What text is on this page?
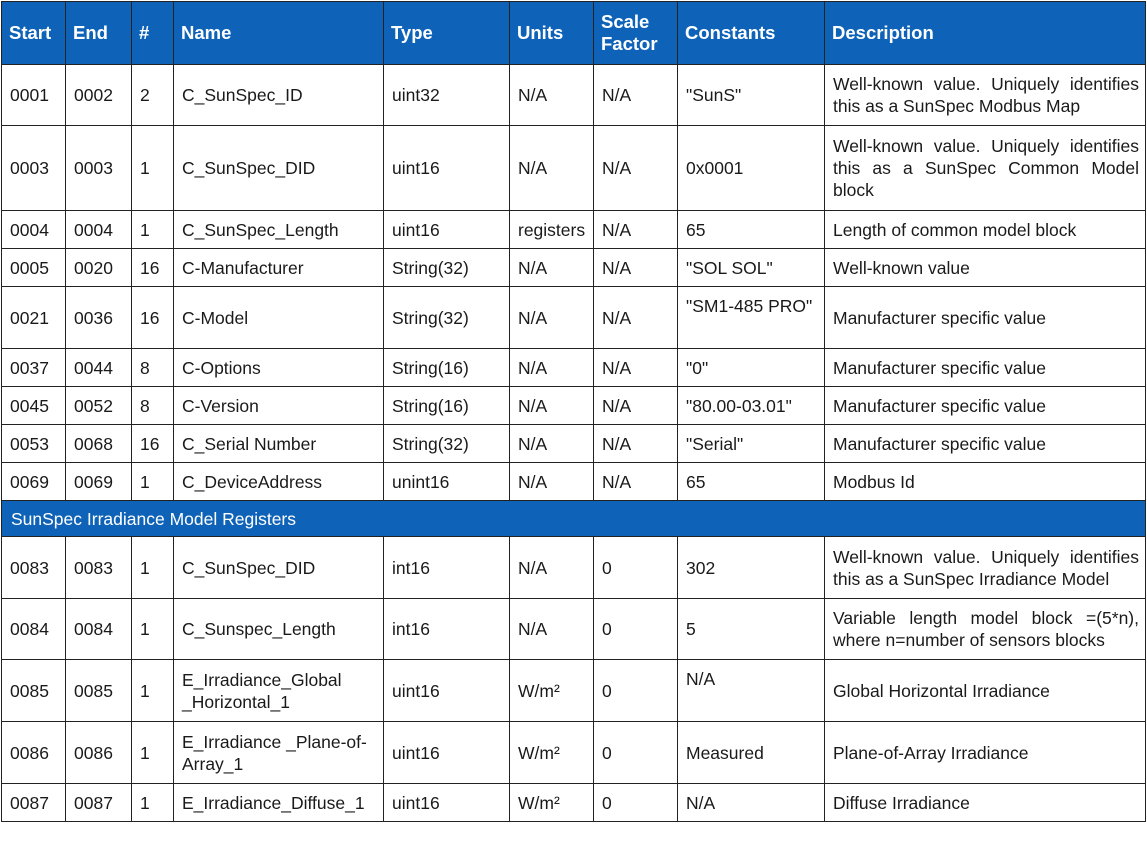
Start	End	#	Name	Type	Units	Scale Factor	Constants	Description
0001	0002	2	C_SunSpec_ID	uint32	N/A	N/A	"SunS"	Well-known value. Uniquely identifies this as a SunSpec Modbus Map
0003	0003	1	C_SunSpec_DID	uint16	N/A	N/A	0x0001	Well-known value. Uniquely identifies this as a SunSpec Common Model block
0004	0004	1	C_SunSpec_Length	uint16	registers	N/A	65	Length of common model block
0005	0020	16	C-Manufacturer	String(32)	N/A	N/A	"SOL SOL"	Well-known value
0021	0036	16	C-Model	String(32)	N/A	N/A	"SM1-485 PRO"	Manufacturer specific value
0037	0044	8	C-Options	String(16)	N/A	N/A	"0"	Manufacturer specific value
0045	0052	8	C-Version	String(16)	N/A	N/A	"80.00-03.01"	Manufacturer specific value
0053	0068	16	C_Serial Number	String(32)	N/A	N/A	"Serial"	Manufacturer specific value
0069	0069	1	C_DeviceAddress	unint16	N/A	N/A	65	Modbus Id
SunSpec Irradiance Model Registers								
0083	0083	1	C_SunSpec_DID	int16	N/A	0	302	Well-known value. Uniquely identifies this as a SunSpec Irradiance Model
0084	0084	1	C_Sunspec_Length	int16	N/A	0	5	Variable length model block =(5*n), where n=number of sensors blocks
0085	0085	1	E_Irradiance_Global _Horizontal_1	uint16	W/m²	0	N/A	Global Horizontal Irradiance
0086	0086	1	E_Irradiance _Plane-of-Array_1	uint16	W/m²	0	Measured	Plane-of-Array Irradiance
0087	0087	1	E_Irradiance_Diffuse_1	uint16	W/m²	0	N/A	Diffuse Irradiance
